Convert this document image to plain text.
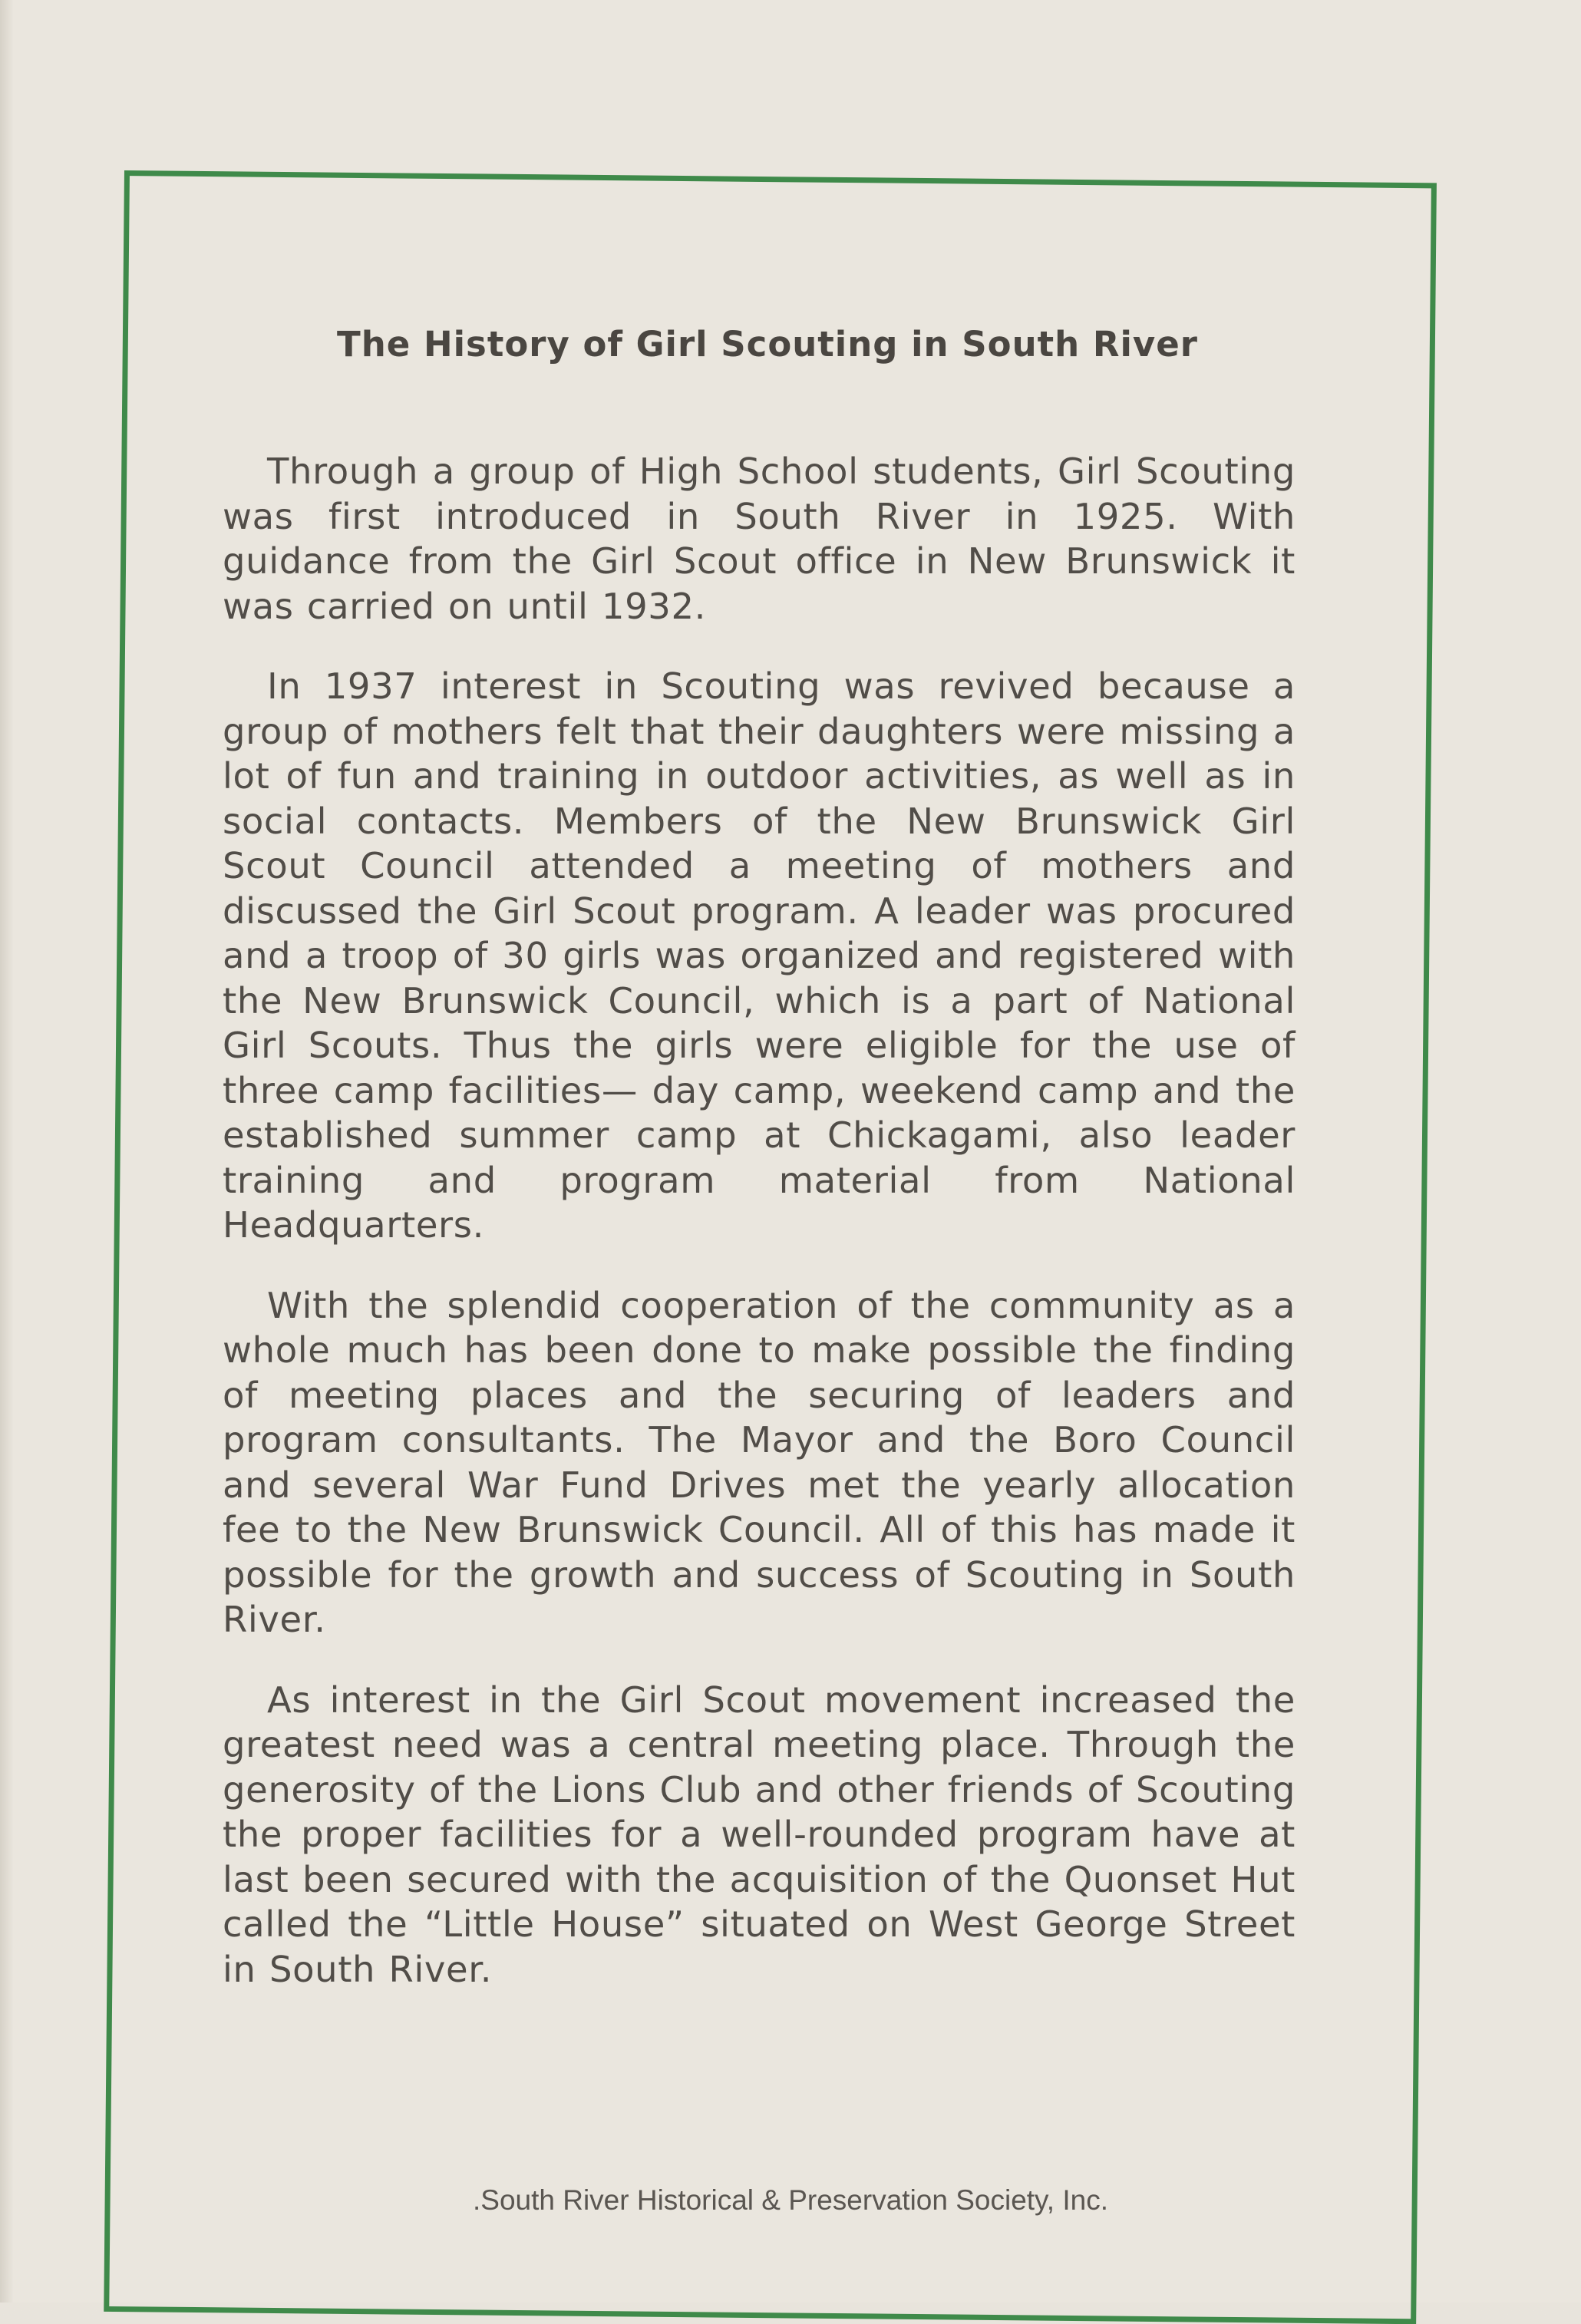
The History of Girl Scouting in South River

Through a group of High School students, Girl Scouting was first introduced in South River in 1925. With guidance from the Girl Scout office in New Brunswick it was carried on until 1932.

In 1937 interest in Scouting was revived because a group of mothers felt that their daughters were missing a lot of fun and training in outdoor activities, as well as in social contacts. Members of the New Brunswick Girl Scout Council attended a meeting of mothers and discussed the Girl Scout program. A leader was procured and a troop of 30 girls was organized and registered with the New Brunswick Council, which is a part of National Girl Scouts. Thus the girls were eligible for the use of three camp facilities— day camp, weekend camp and the established summer camp at Chickagami, also leader training and program material from National Headquarters.

With the splendid cooperation of the community as a whole much has been done to make possible the finding of meeting places and the securing of leaders and program consultants. The Mayor and the Boro Council and several War Fund Drives met the yearly allocation fee to the New Brunswick Council. All of this has made it possible for the growth and success of Scouting in South River.

As interest in the Girl Scout movement increased the greatest need was a central meeting place. Through the generosity of the Lions Club and other friends of Scouting the proper facilities for a well-rounded program have at last been secured with the acquisition of the Quonset Hut called the “Little House” situated on West George Street in South River.

.South River Historical & Preservation Society, Inc.
